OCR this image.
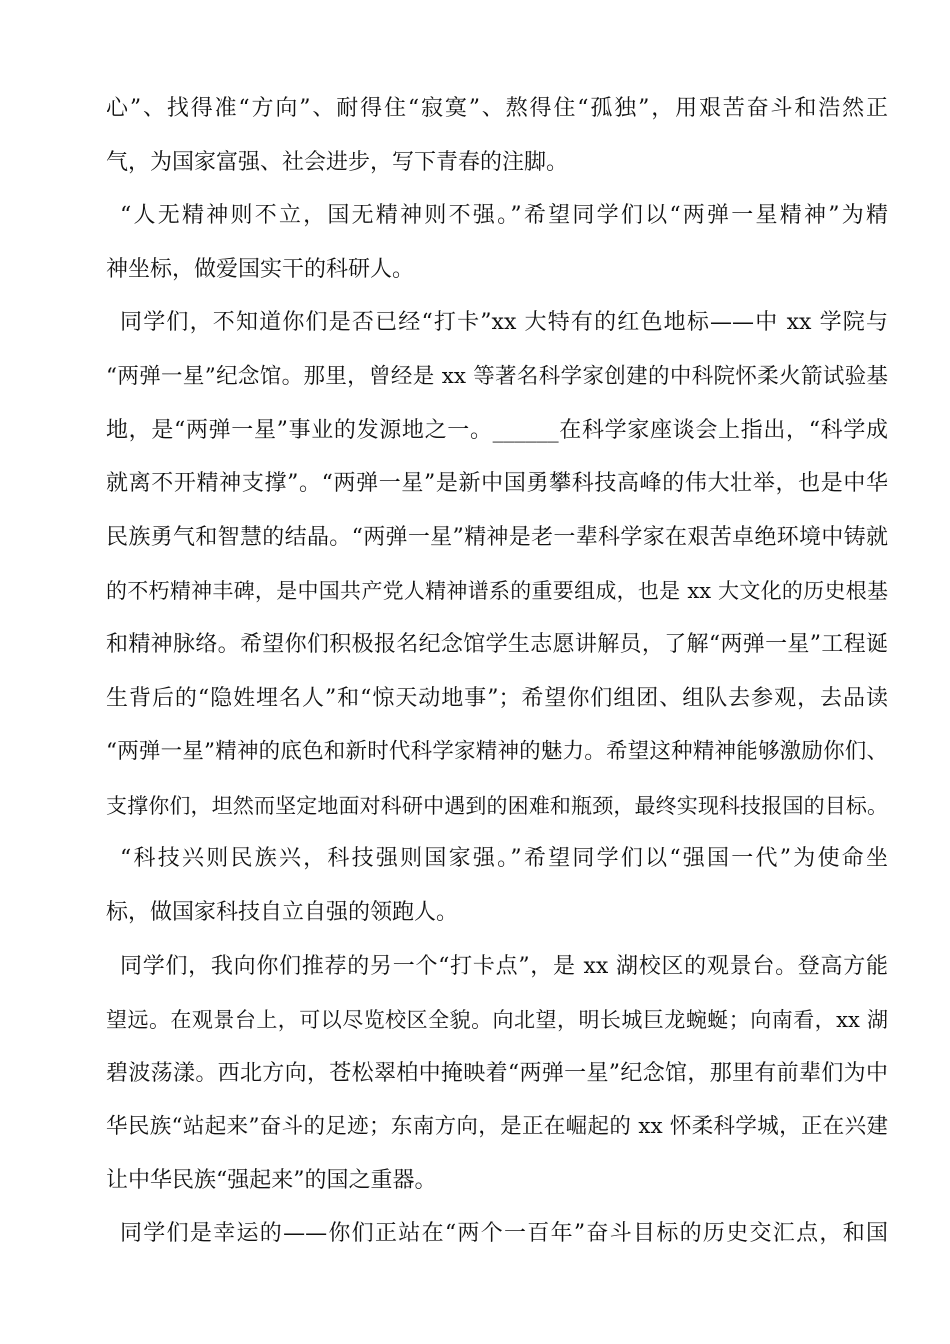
心”、找得准“方向”、耐得住“寂寞”、熬得住“孤独”，用艰苦奋斗和浩然正
气，为国家富强、社会进步，写下青春的注脚。
“人无精神则不立，国无精神则不强。”希望同学们以“两弹一星精神”为精
神坐标，做爱国实干的科研人。
同学们，不知道你们是否已经“打卡”xx 大特有的红色地标——中 xx 学院与
“两弹一星”纪念馆。那里，曾经是 xx 等著名科学家创建的中科院怀柔火箭试验基
地，是“两弹一星”事业的发源地之一。______在科学家座谈会上指出，“科学成
就离不开精神支撑”。“两弹一星”是新中国勇攀科技高峰的伟大壮举，也是中华
民族勇气和智慧的结晶。“两弹一星”精神是老一辈科学家在艰苦卓绝环境中铸就
的不朽精神丰碑，是中国共产党人精神谱系的重要组成，也是 xx 大文化的历史根基
和精神脉络。希望你们积极报名纪念馆学生志愿讲解员，了解“两弹一星”工程诞
生背后的“隐姓埋名人”和“惊天动地事”；希望你们组团、组队去参观，去品读
“两弹一星”精神的底色和新时代科学家精神的魅力。希望这种精神能够激励你们、
支撑你们，坦然而坚定地面对科研中遇到的困难和瓶颈，最终实现科技报国的目标。
“科技兴则民族兴，科技强则国家强。”希望同学们以“强国一代”为使命坐
标，做国家科技自立自强的领跑人。
同学们，我向你们推荐的另一个“打卡点”，是 xx 湖校区的观景台。登高方能
望远。在观景台上，可以尽览校区全貌。向北望，明长城巨龙蜿蜒；向南看，xx 湖
碧波荡漾。西北方向，苍松翠柏中掩映着“两弹一星”纪念馆，那里有前辈们为中
华民族“站起来”奋斗的足迹；东南方向，是正在崛起的 xx 怀柔科学城，正在兴建
让中华民族“强起来”的国之重器。
同学们是幸运的——你们正站在“两个一百年”奋斗目标的历史交汇点，和国
